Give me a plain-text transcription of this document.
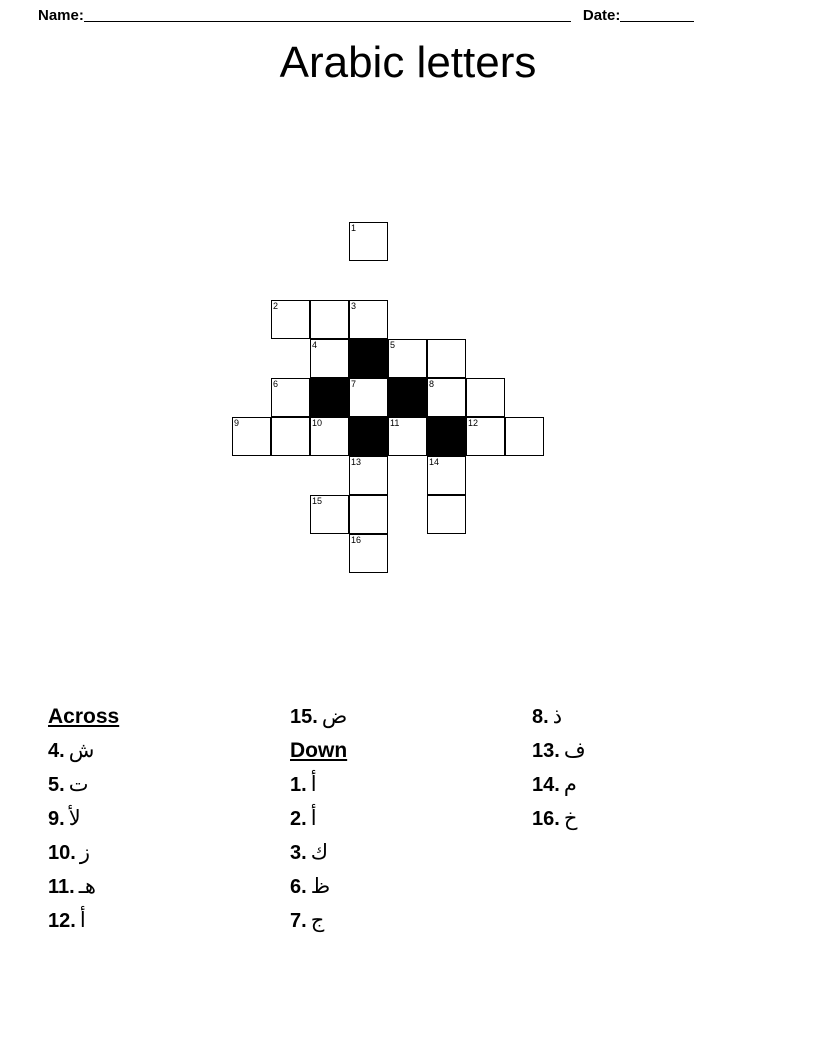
Name:	Date:
Arabic letters
1
2	3
4	5
6	7	8
9	10	11	12
13	14
15
16
Across
4. ش
5. ت
9. لأ
10. ز
11. هـ
12. أ
15. ض
Down
1. أ
2. أ
3. ك
6. ظ
7. ج
8. ذ
13. ف
14. م
16. خ
